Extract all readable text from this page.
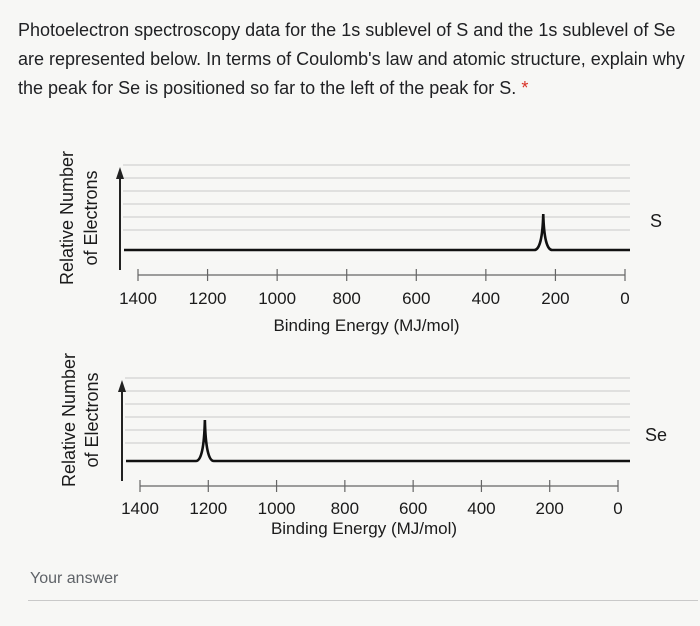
Photoelectron spectroscopy data for the 1s sublevel of S and the 1s sublevel of Se are represented below. In terms of Coulomb's law and atomic structure, explain why the peak for Se is positioned so far to the left of the peak for S. *
1400 1200 1000 800 600 400 200	0
S
Binding Energy (MJ/mol)
Relative Number of Electrons
1400 1200 1000 800 600 400 200	0
Se
Binding Energy (MJ/mol)
Relative Number of Electrons
Your answer
